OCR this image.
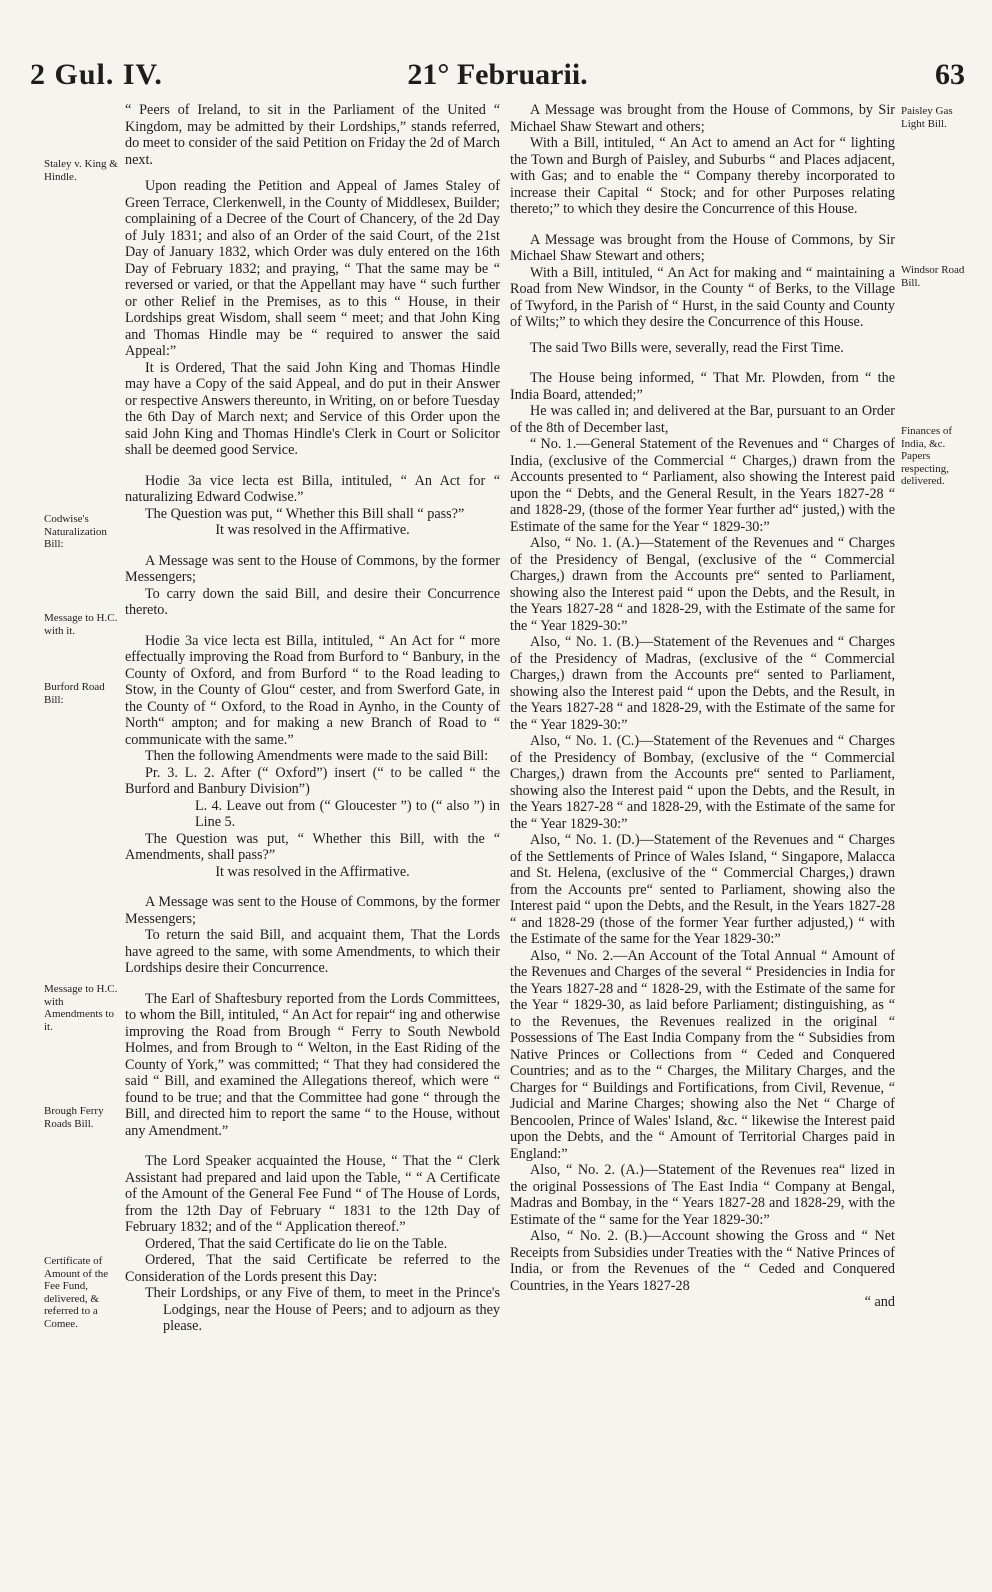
2 Gul. IV.	21° Februarii.	63
Staley v. King & Hindle.
Codwise's Naturalization Bill:
Message to H.C. with it.
Burford Road Bill:
Message to H.C. with Amendments to it.
Brough Ferry Roads Bill.
Certificate of Amount of the Fee Fund, delivered, & referred to a Comee.
Paisley Gas Light Bill.
Windsor Road Bill.
Finances of India, &c. Papers respecting, delivered.

“ Peers of Ireland, to sit in the Parliament of the United “ Kingdom, may be admitted by their Lordships,” stands referred, do meet to consider of the said Petition on Friday the 2d of March next.

Upon reading the Petition and Appeal of James Staley of Green Terrace, Clerkenwell, in the County of Middlesex, Builder; complaining of a Decree of the Court of Chancery, of the 2d Day of July 1831; and also of an Order of the said Court, of the 21st Day of January 1832, which Order was duly entered on the 16th Day of February 1832; and praying, “ That the same may be “ reversed or varied, or that the Appellant may have “ such further or other Relief in the Premises, as to this “ House, in their Lordships great Wisdom, shall seem “ meet; and that John King and Thomas Hindle may be “ required to answer the said Appeal:”

It is Ordered, That the said John King and Thomas Hindle may have a Copy of the said Appeal, and do put in their Answer or respective Answers thereunto, in Writing, on or before Tuesday the 6th Day of March next; and Service of this Order upon the said John King and Thomas Hindle's Clerk in Court or Solicitor shall be deemed good Service.

Hodie 3a vice lecta est Billa, intituled, “ An Act for “ naturalizing Edward Codwise.”

The Question was put, “ Whether this Bill shall “ pass?”

It was resolved in the Affirmative.

A Message was sent to the House of Commons, by the former Messengers;

To carry down the said Bill, and desire their Concurrence thereto.

Hodie 3a vice lecta est Billa, intituled, “ An Act for “ more effectually improving the Road from Burford to “ Banbury, in the County of Oxford, and from Burford “ to the Road leading to Stow, in the County of Glou“ cester, and from Swerford Gate, in the County of “ Oxford, to the Road in Aynho, in the County of North“ ampton; and for making a new Branch of Road to “ communicate with the same.”

Then the following Amendments were made to the said Bill:

Pr. 3. L. 2. After (“ Oxford”) insert (“ to be called “ the Burford and Banbury Division”)

L. 4. Leave out from (“ Gloucester ”) to (“ also ”) in Line 5.

The Question was put, “ Whether this Bill, with the “ Amendments, shall pass?”

It was resolved in the Affirmative.

A Message was sent to the House of Commons, by the former Messengers;

To return the said Bill, and acquaint them, That the Lords have agreed to the same, with some Amendments, to which their Lordships desire their Concurrence.

The Earl of Shaftesbury reported from the Lords Committees, to whom the Bill, intituled, “ An Act for repair“ ing and otherwise improving the Road from Brough “ Ferry to South Newbold Holmes, and from Brough to “ Welton, in the East Riding of the County of York,” was committed; “ That they had considered the said “ Bill, and examined the Allegations thereof, which were “ found to be true; and that the Committee had gone “ through the Bill, and directed him to report the same “ to the House, without any Amendment.”

The Lord Speaker acquainted the House, “ That the “ Clerk Assistant had prepared and laid upon the Table, “ “ A Certificate of the Amount of the General Fee Fund “ of The House of Lords, from the 12th Day of February “ 1831 to the 12th Day of February 1832; and of the “ Application thereof.”

Ordered, That the said Certificate do lie on the Table.

Ordered, That the said Certificate be referred to the Consideration of the Lords present this Day:

Their Lordships, or any Five of them, to meet in the Prince's Lodgings, near the House of Peers; and to adjourn as they please.

A Message was brought from the House of Commons, by Sir Michael Shaw Stewart and others;

With a Bill, intituled, “ An Act to amend an Act for “ lighting the Town and Burgh of Paisley, and Suburbs “ and Places adjacent, with Gas; and to enable the “ Company thereby incorporated to increase their Capital “ Stock; and for other Purposes relating thereto;” to which they desire the Concurrence of this House.

A Message was brought from the House of Commons, by Sir Michael Shaw Stewart and others;

With a Bill, intituled, “ An Act for making and “ maintaining a Road from New Windsor, in the County “ of Berks, to the Village of Twyford, in the Parish of “ Hurst, in the said County and County of Wilts;” to which they desire the Concurrence of this House.

The said Two Bills were, severally, read the First Time.

The House being informed, “ That Mr. Plowden, from “ the India Board, attended;”

He was called in; and delivered at the Bar, pursuant to an Order of the 8th of December last,

“ No. 1.—General Statement of the Revenues and “ Charges of India, (exclusive of the Commercial “ Charges,) drawn from the Accounts presented to “ Parliament, also showing the Interest paid upon the “ Debts, and the General Result, in the Years 1827-28 “ and 1828-29, (those of the former Year further ad“ justed,) with the Estimate of the same for the Year “ 1829-30:”

Also, “ No. 1. (A.)—Statement of the Revenues and “ Charges of the Presidency of Bengal, (exclusive of the “ Commercial Charges,) drawn from the Accounts pre“ sented to Parliament, showing also the Interest paid “ upon the Debts, and the Result, in the Years 1827-28 “ and 1828-29, with the Estimate of the same for the “ Year 1829-30:”

Also, “ No. 1. (B.)—Statement of the Revenues and “ Charges of the Presidency of Madras, (exclusive of the “ Commercial Charges,) drawn from the Accounts pre“ sented to Parliament, showing also the Interest paid “ upon the Debts, and the Result, in the Years 1827-28 “ and 1828-29, with the Estimate of the same for the “ Year 1829-30:”

Also, “ No. 1. (C.)—Statement of the Revenues and “ Charges of the Presidency of Bombay, (exclusive of the “ Commercial Charges,) drawn from the Accounts pre“ sented to Parliament, showing also the Interest paid “ upon the Debts, and the Result, in the Years 1827-28 “ and 1828-29, with the Estimate of the same for the “ Year 1829-30:”

Also, “ No. 1. (D.)—Statement of the Revenues and “ Charges of the Settlements of Prince of Wales Island, “ Singapore, Malacca and St. Helena, (exclusive of the “ Commercial Charges,) drawn from the Accounts pre“ sented to Parliament, showing also the Interest paid “ upon the Debts, and the Result, in the Years 1827-28 “ and 1828-29 (those of the former Year further adjusted,) “ with the Estimate of the same for the Year 1829-30:”

Also, “ No. 2.—An Account of the Total Annual “ Amount of the Revenues and Charges of the several “ Presidencies in India for the Years 1827-28 and “ 1828-29, with the Estimate of the same for the Year “ 1829-30, as laid before Parliament; distinguishing, as “ to the Revenues, the Revenues realized in the original “ Possessions of The East India Company from the “ Subsidies from Native Princes or Collections from “ Ceded and Conquered Countries; and as to the “ Charges, the Military Charges, and the Charges for “ Buildings and Fortifications, from Civil, Revenue, “ Judicial and Marine Charges; showing also the Net “ Charge of Bencoolen, Prince of Wales' Island, &c. “ likewise the Interest paid upon the Debts, and the “ Amount of Territorial Charges paid in England:”

Also, “ No. 2. (A.)—Statement of the Revenues rea“ lized in the original Possessions of The East India “ Company at Bengal, Madras and Bombay, in the “ Years 1827-28 and 1828-29, with the Estimate of the “ same for the Year 1829-30:”

Also, “ No. 2. (B.)—Account showing the Gross and “ Net Receipts from Subsidies under Treaties with the “ Native Princes of India, or from the Revenues of the “ Ceded and Conquered Countries, in the Years 1827-28

“ and
